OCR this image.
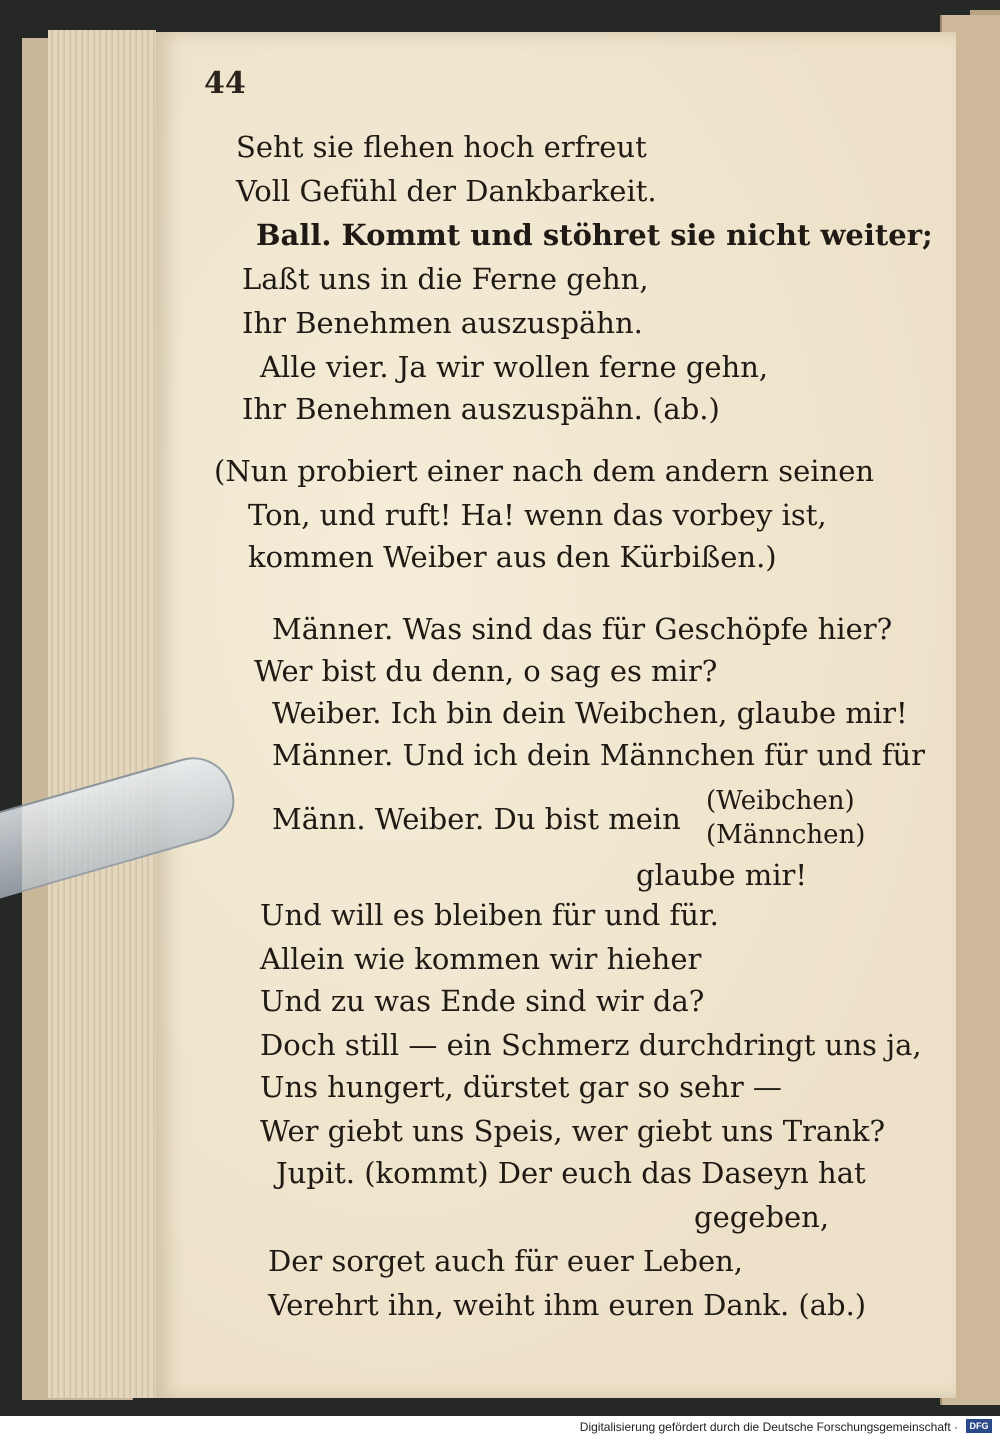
44
Seht sie flehen hoch erfreut
Voll Gefühl der Dankbarkeit.
Ball. Kommt und stöhret sie nicht weiter;
Laßt uns in die Ferne gehn,
Ihr Benehmen auszuspähn.
Alle vier. Ja wir wollen ferne gehn,
Ihr Benehmen auszuspähn. (ab.)
(Nun probiert einer nach dem andern seinen
Ton, und ruft! Ha! wenn das vorbey ist,
kommen Weiber aus den Kürbißen.)
Männer. Was sind das für Geschöpfe hier?
Wer bist du denn, o sag es mir?
Weiber. Ich bin dein Weibchen, glaube mir!
Männer. Und ich dein Männchen für und für
Männ. Weiber. Du bist mein
(Weibchen)
(Männchen)
glaube mir!
Und will es bleiben für und für.
Allein wie kommen wir hieher
Und zu was Ende sind wir da?
Doch still — ein Schmerz durchdringt uns ja,
Uns hungert, dürstet gar so sehr —
Wer giebt uns Speis, wer giebt uns Trank?
Jupit. (kommt) Der euch das Daseyn hat
gegeben,
Der sorget auch für euer Leben,
Verehrt ihn, weiht ihm euren Dank. (ab.)
Digitalisierung gefördert durch die Deutsche Forschungsgemeinschaft ·	DFG
